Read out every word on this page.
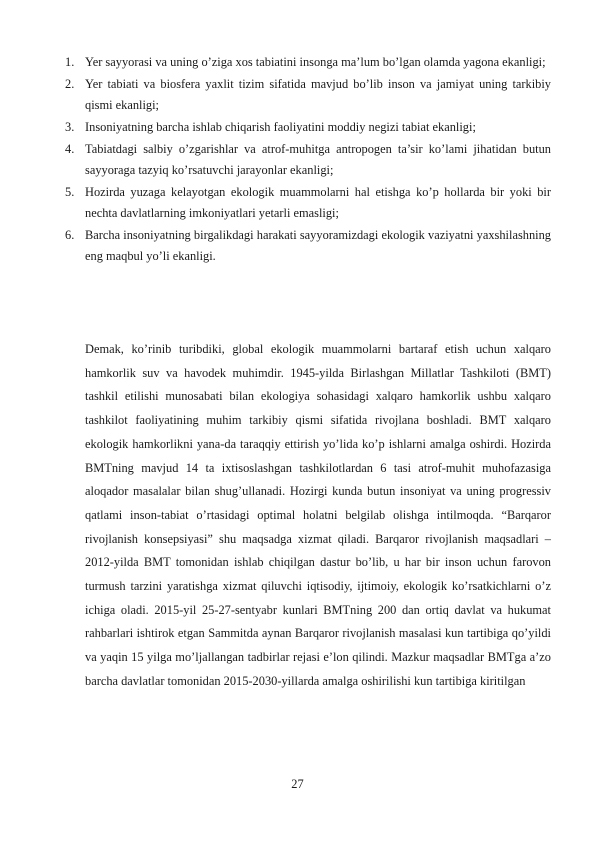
1. Yer sayyorasi va uning o’ziga xos tabiatini insonga ma’lum bo’lgan olamda yagona ekanligi;
2. Yer tabiati va biosfera yaxlit tizim sifatida mavjud bo’lib inson va jamiyat uning tarkibiy qismi ekanligi;
3. Insoniyatning barcha ishlab chiqarish faoliyatini moddiy negizi tabiat ekanligi;
4. Tabiatdagi salbiy o’zgarishlar va atrof-muhitga antropogen ta’sir ko’lami jihatidan butun sayyoraga tazyiq ko’rsatuvchi jarayonlar ekanligi;
5. Hozirda yuzaga kelayotgan ekologik muammolarni hal etishga ko’p hollarda bir yoki bir nechta davlatlarning imkoniyatlari yetarli emasligi;
6. Barcha insoniyatning birgalikdagi harakati sayyoramizdagi ekologik vaziyatni yaxshilashning eng maqbul yo’li ekanligi.

Demak, ko’rinib turibdiki, global ekologik muammolarni bartaraf etish uchun xalqaro hamkorlik suv va havodek muhimdir. 1945-yilda Birlashgan Millatlar Tashkiloti (BMT) tashkil etilishi munosabati bilan ekologiya sohasidagi xalqaro hamkorlik ushbu xalqaro tashkilot faoliyatining muhim tarkibiy qismi sifatida rivojlana boshladi. BMT xalqaro ekologik hamkorlikni yana-da taraqqiy ettirish yo’lida ko’p ishlarni amalga oshirdi. Hozirda BMTning mavjud 14 ta ixtisoslashgan tashkilotlardan 6 tasi atrof-muhit muhofazasiga aloqador masalalar bilan shug’ullanadi. Hozirgi kunda butun insoniyat va uning progressiv qatlami inson-tabiat o’rtasidagi optimal holatni belgilab olishga intilmoqda. “Barqaror rivojlanish konsepsiyasi” shu maqsadga xizmat qiladi. Barqaror rivojlanish maqsadlari – 2012-yilda BMT tomonidan ishlab chiqilgan dastur bo’lib, u har bir inson uchun farovon turmush tarzini yaratishga xizmat qiluvchi iqtisodiy, ijtimoiy, ekologik ko’rsatkichlarni o’z ichiga oladi. 2015-yil 25-27-sentyabr kunlari BMTning 200 dan ortiq davlat va hukumat rahbarlari ishtirok etgan Sammitda aynan Barqaror rivojlanish masalasi kun tartibiga qo’yildi va yaqin 15 yilga mo’ljallangan tadbirlar rejasi e’lon qilindi. Mazkur maqsadlar BMTga a’zo barcha davlatlar tomonidan 2015-2030-yillarda amalga oshirilishi kun tartibiga kiritilgan

27
